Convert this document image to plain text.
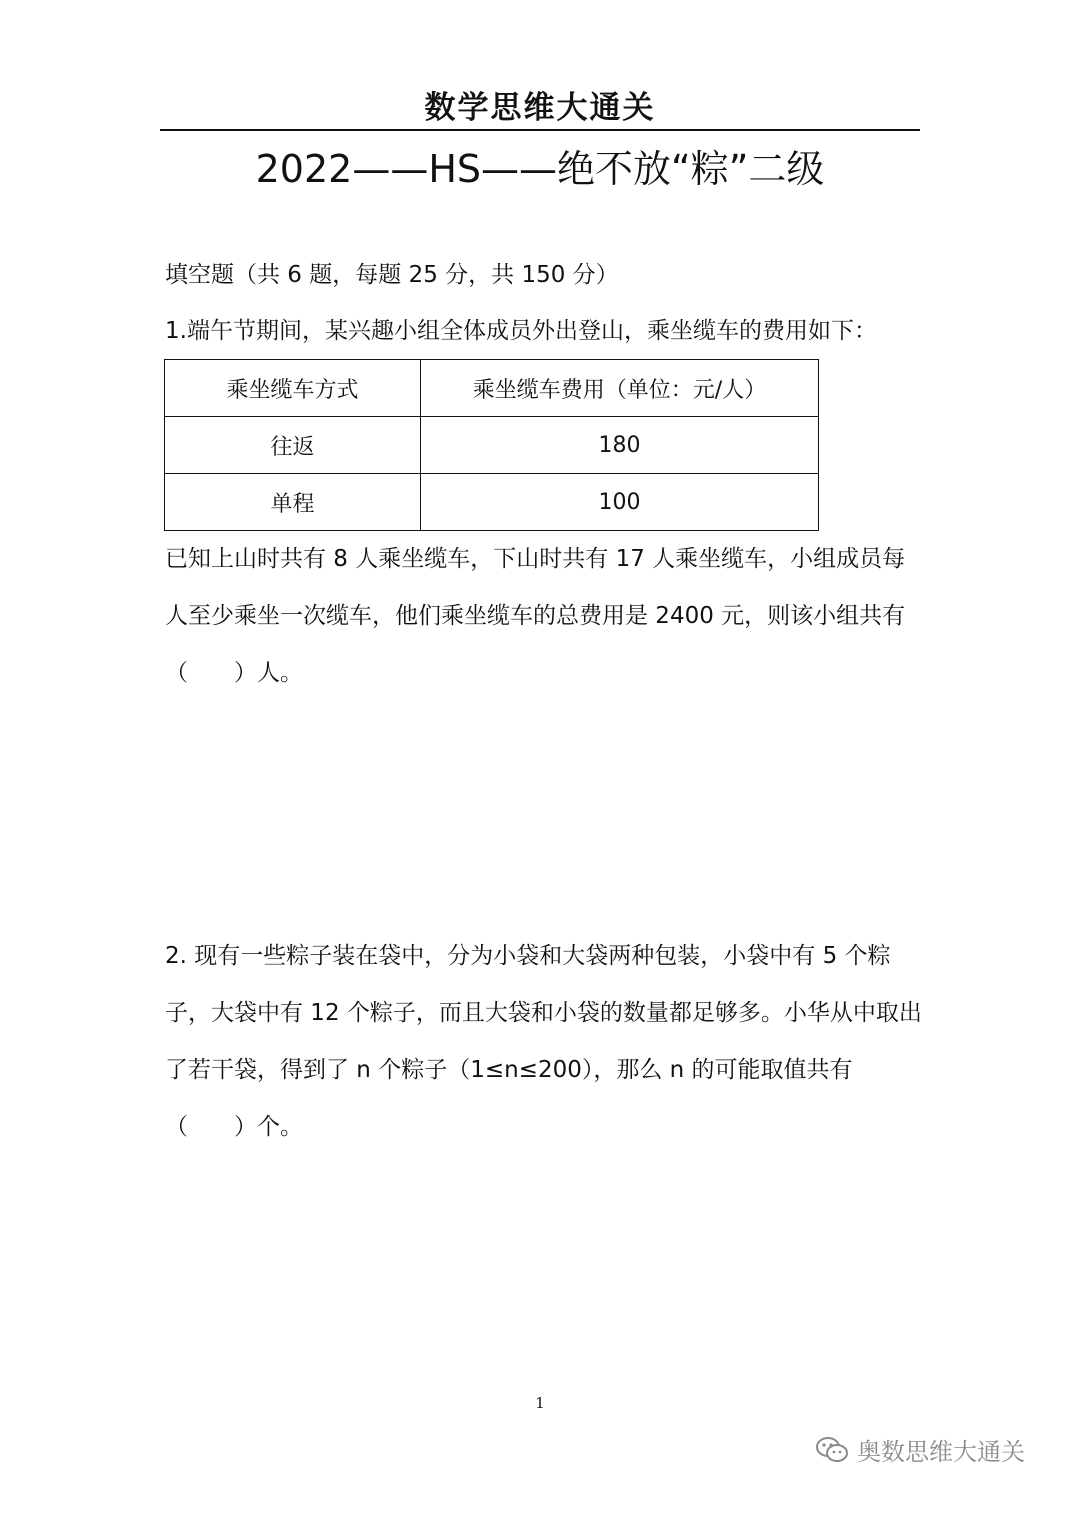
数学思维大通关
2022——HS——绝不放“粽”二级
填空题（共 6 题，每题 25 分，共 150 分）
1.端午节期间，某兴趣小组全体成员外出登山，乘坐缆车的费用如下：
乘坐缆车方式	乘坐缆车费用（单位：元/人）
往返	180
单程	100
已知上山时共有 8 人乘坐缆车，下山时共有 17 人乘坐缆车，小组成员每人至少乘坐一次缆车，他们乘坐缆车的总费用是 2400 元，则该小组共有（　　）人。
2. 现有一些粽子装在袋中，分为小袋和大袋两种包装，小袋中有 5 个粽子，大袋中有 12 个粽子，而且大袋和小袋的数量都足够多。小华从中取出了若干袋，得到了 n 个粽子（1≤n≤200），那么 n 的可能取值共有（　　）个。
1
奥数思维大通关
